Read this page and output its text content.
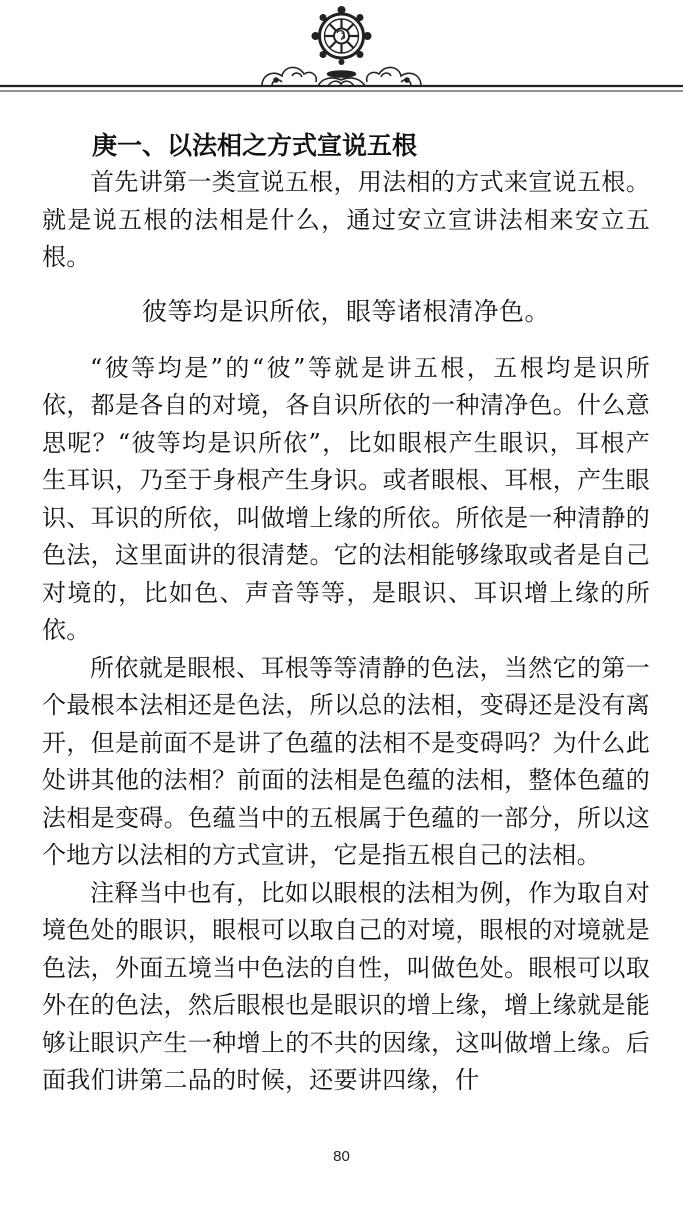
庚一、以法相之方式宣说五根

首先讲第一类宣说五根，用法相的方式来宣说五根。就是说五根的法相是什么，通过安立宣讲法相来安立五根。

彼等均是识所依，眼等诸根清净色。

“彼等均是”的“彼”等就是讲五根，五根均是识所依，都是各自的对境，各自识所依的一种清净色。什么意思呢？“彼等均是识所依”，比如眼根产生眼识，耳根产生耳识，乃至于身根产生身识。或者眼根、耳根，产生眼识、耳识的所依，叫做增上缘的所依。所依是一种清静的色法，这里面讲的很清楚。它的法相能够缘取或者是自己对境的，比如色、声音等等，是眼识、耳识增上缘的所依。

所依就是眼根、耳根等等清静的色法，当然它的第一个最根本法相还是色法，所以总的法相，变碍还是没有离开，但是前面不是讲了色蕴的法相不是变碍吗？为什么此处讲其他的法相？前面的法相是色蕴的法相，整体色蕴的法相是变碍。色蕴当中的五根属于色蕴的一部分，所以这个地方以法相的方式宣讲，它是指五根自己的法相。

注释当中也有，比如以眼根的法相为例，作为取自对境色处的眼识，眼根可以取自己的对境，眼根的对境就是色法，外面五境当中色法的自性，叫做色处。眼根可以取外在的色法，然后眼根也是眼识的增上缘，增上缘就是能够让眼识产生一种增上的不共的因缘，这叫做增上缘。后面我们讲第二品的时候，还要讲四缘，什

80
